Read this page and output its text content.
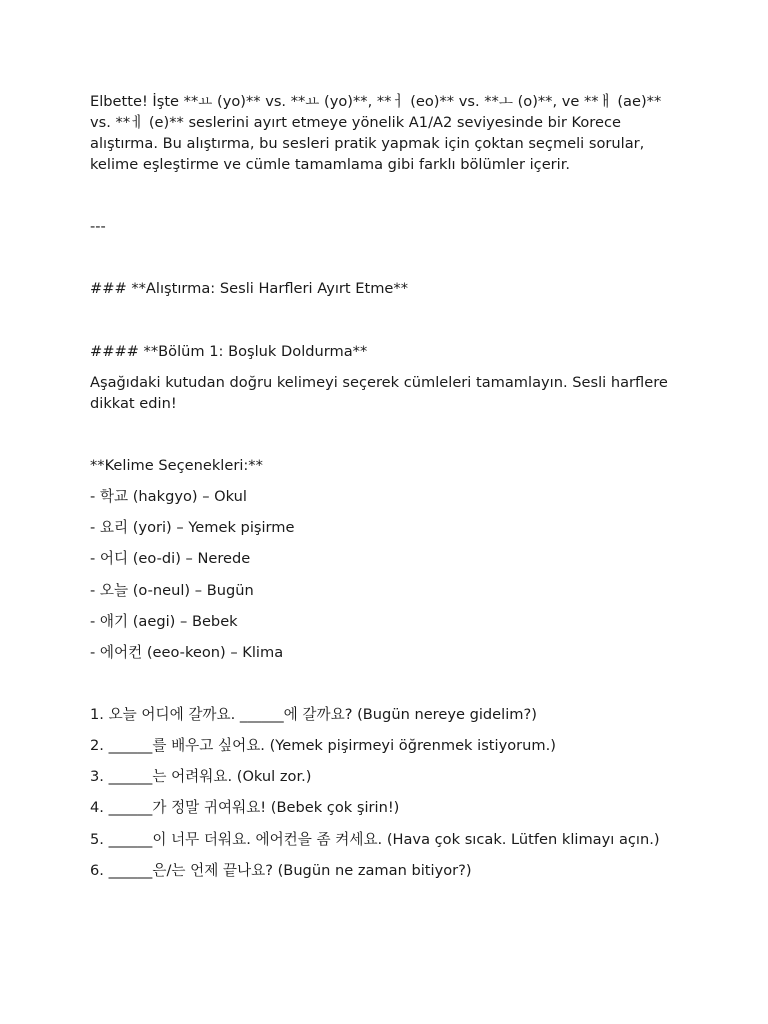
Elbette! İşte **ㅛ (yo)** vs. **ㅛ (yo)**, **ㅓ (eo)** vs. **ㅗ (o)**, ve **ㅐ (ae)** vs. **ㅔ (e)** seslerini ayırt etmeye yönelik A1/A2 seviyesinde bir Korece alıştırma. Bu alıştırma, bu sesleri pratik yapmak için çoktan seçmeli sorular, kelime eşleştirme ve cümle tamamlama gibi farklı bölümler içerir.

---

### **Alıştırma: Sesli Harfleri Ayırt Etme**

#### **Bölüm 1: Boşluk Doldurma**

Aşağıdaki kutudan doğru kelimeyi seçerek cümleleri tamamlayın. Sesli harflere dikkat edin!

**Kelime Seçenekleri:**

- 학교 (hakgyo) – Okul

- 요리 (yori) – Yemek pişirme

- 어디 (eo-di) – Nerede

- 오늘 (o-neul) – Bugün

- 애기 (aegi) – Bebek

- 에어컨 (eeo-keon) – Klima

1. 오늘 어디에 갈까요. ______에 갈까요? (Bugün nereye gidelim?)

2. ______를 배우고 싶어요. (Yemek pişirmeyi öğrenmek istiyorum.)

3. ______는 어려워요. (Okul zor.)

4. ______가 정말 귀여워요! (Bebek çok şirin!)

5. ______이 너무 더워요. 에어컨을 좀 켜세요. (Hava çok sıcak. Lütfen klimayı açın.)

6. ______은/는 언제 끝나요? (Bugün ne zaman bitiyor?)
